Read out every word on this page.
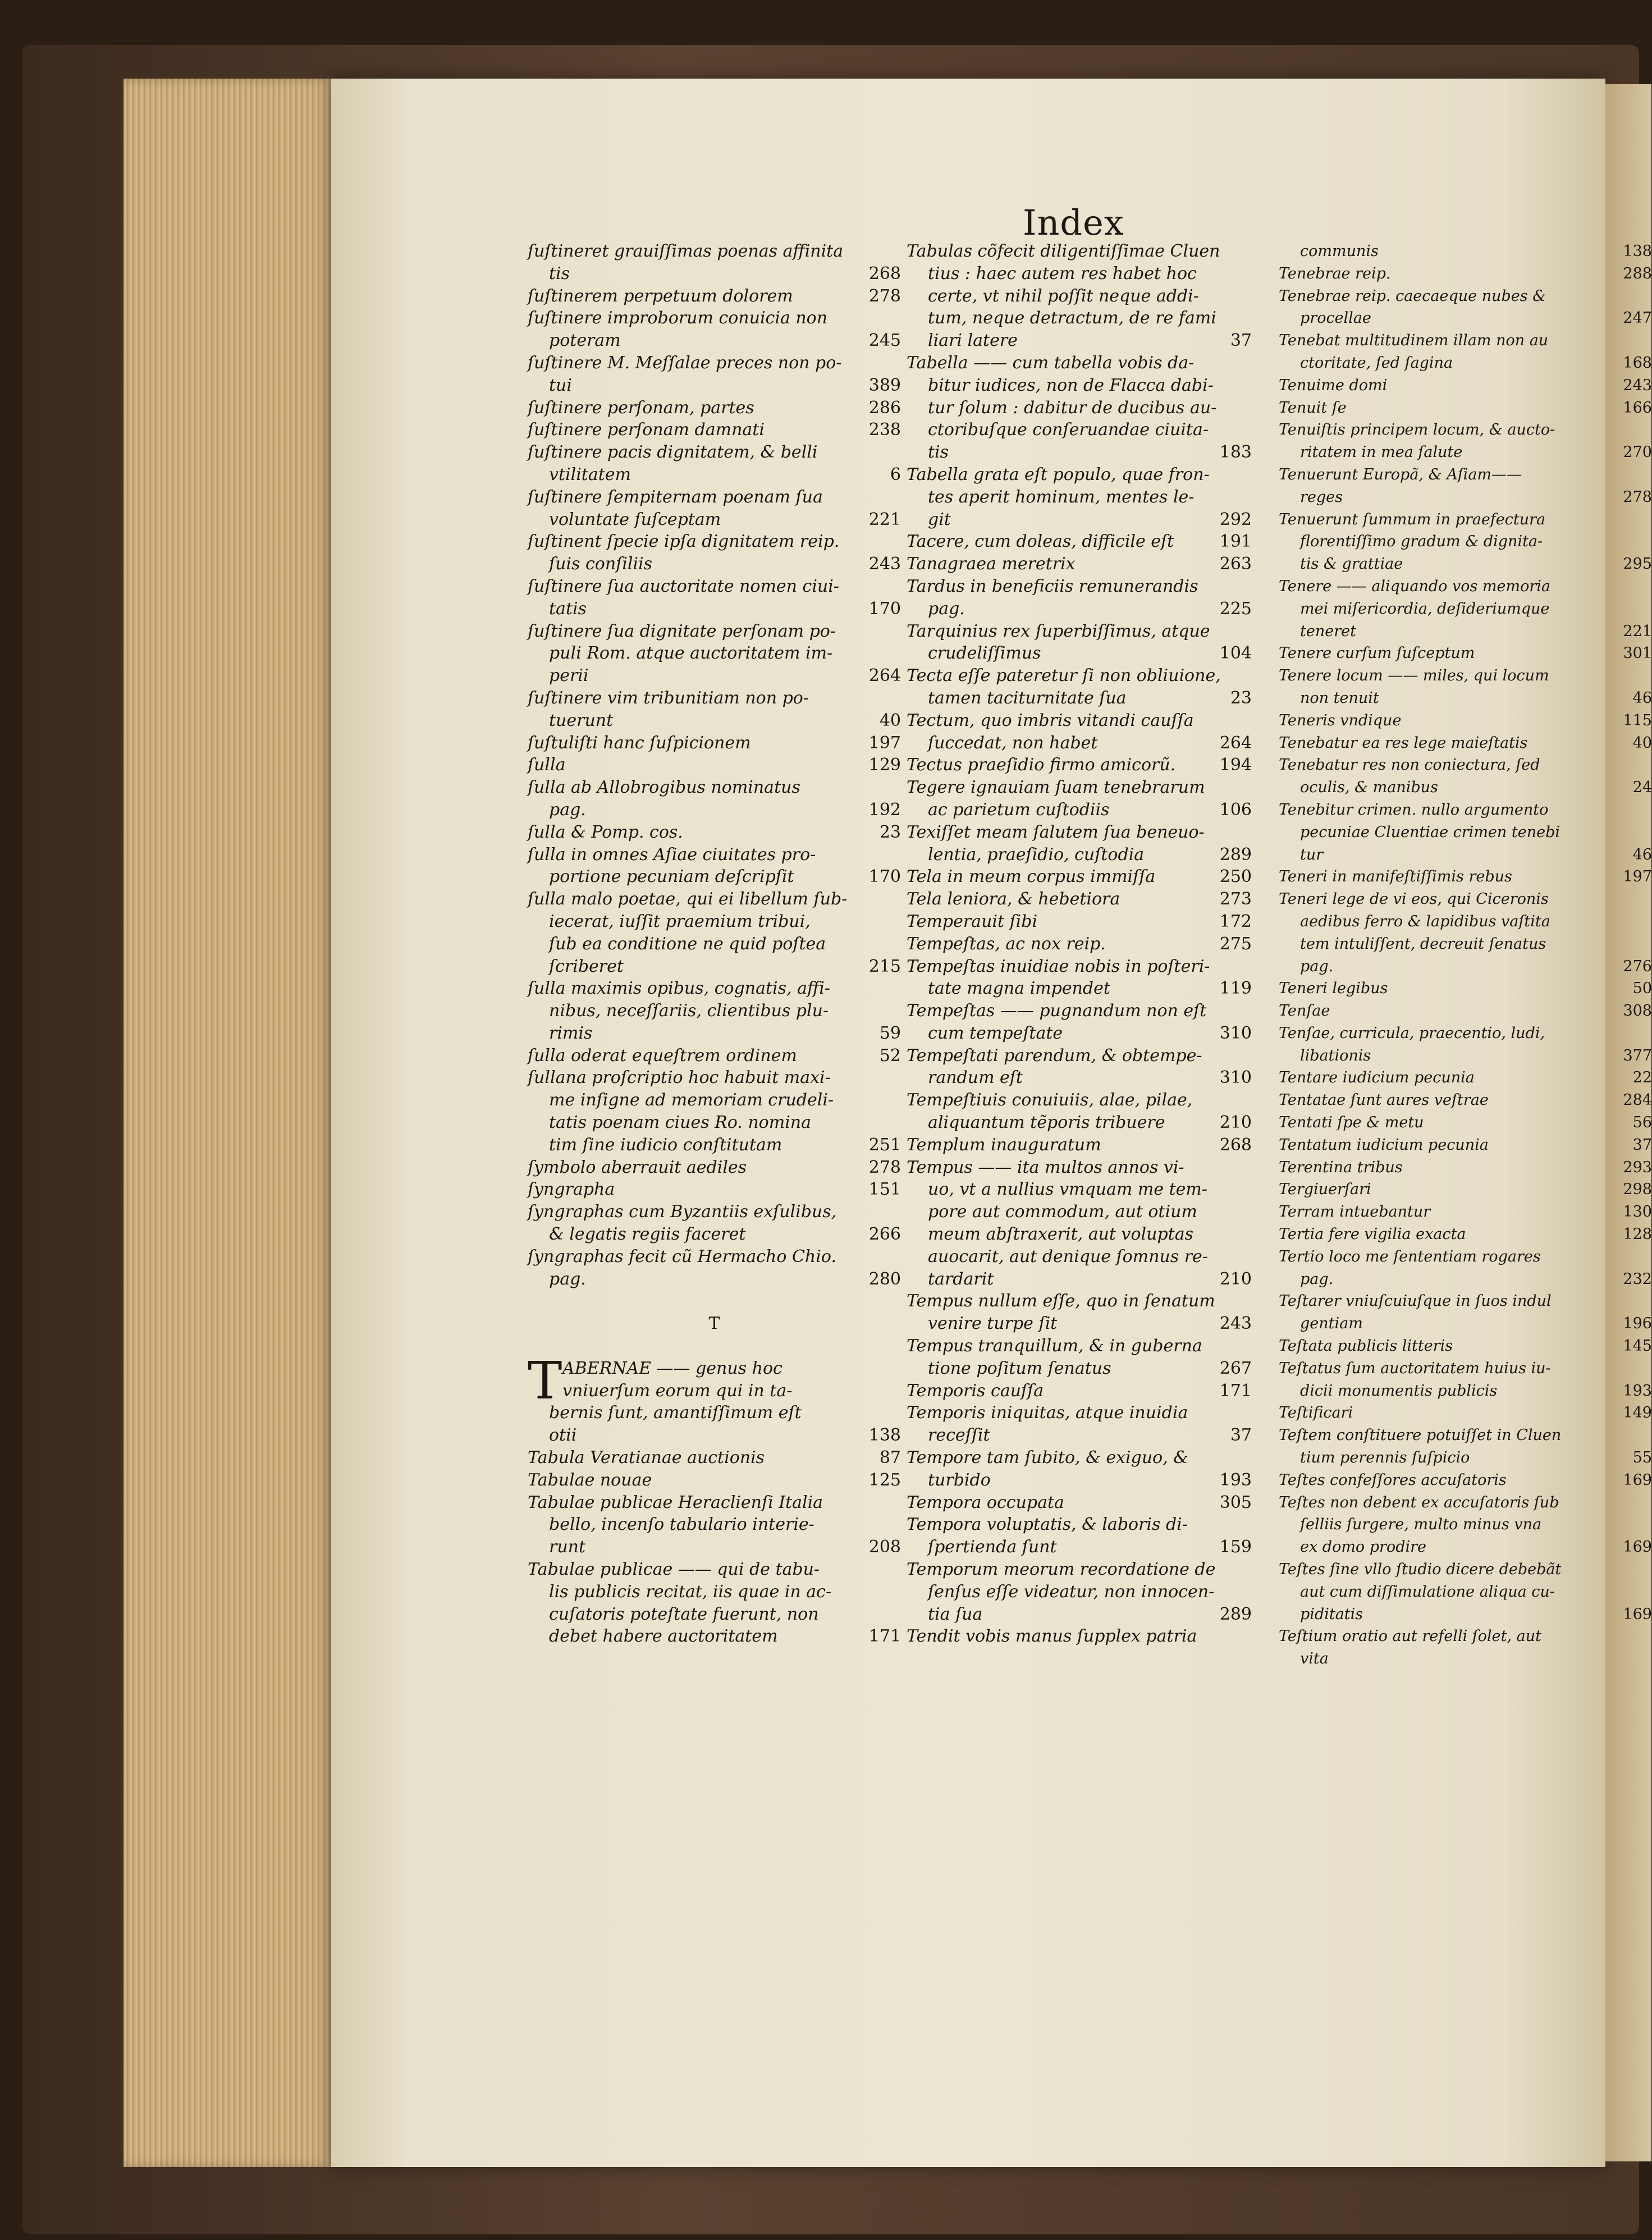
Index
ſuſtineret grauiſſimas poenas affinita
tis	268
ſuſtinerem perpetuum dolorem	278
ſuſtinere improborum conuicia non
poteram	245
ſuſtinere M. Meſſalae preces non po-
tui	389
ſuſtinere perſonam, partes	286
ſuſtinere perſonam damnati	238
ſuſtinere pacis dignitatem, & belli
vtilitatem	6
ſuſtinere ſempiternam poenam ſua
voluntate ſuſceptam	221
ſuſtinent ſpecie ipſa dignitatem reip.
ſuis conſiliis	243
ſuſtinere ſua auctoritate nomen ciui-
tatis	170
ſuſtinere ſua dignitate perſonam po-
puli Rom. atque auctoritatem im-
perii	264
ſuſtinere vim tribunitiam non po-
tuerunt	40
ſuſtuliſti hanc ſuſpicionem	197
ſulla	129
ſulla ab Allobrogibus nominatus
pag.	192
ſulla & Pomp. cos.	23
ſulla in omnes Aſiae ciuitates pro-
portione pecuniam deſcripſit	170
ſulla malo poetae, qui ei libellum ſub-
iecerat, iuſſit praemium tribui,
ſub ea conditione ne quid poſtea
ſcriberet	215
ſulla maximis opibus, cognatis, affi-
nibus, neceſſariis, clientibus plu-
rimis	59
ſulla oderat equeſtrem ordinem	52
ſullana proſcriptio hoc habuit maxi-
me inſigne ad memoriam crudeli-
tatis poenam ciues Ro. nomina
tim ſine iudicio conſtitutam	251
ſymbolo aberrauit aediles	278
ſyngrapha	151
ſyngraphas cum Byzantiis exſulibus,
& legatis regiis faceret	266
ſyngraphas fecit cũ Hermacho Chio.
pag.	280
T
T ABERNAE —— genus hoc
vniuerſum eorum qui in ta-
bernis ſunt, amantiſſimum eſt
otii	138
Tabula Veratianae auctionis	87
Tabulae nouae	125
Tabulae publicae Heraclienſi Italia
bello, incenſo tabulario interie-
runt	208
Tabulae publicae —— qui de tabu-
lis publicis recitat, iis quae in ac-
cuſatoris poteſtate fuerunt, non
debet habere auctoritatem	171
Tabulas cõfecit diligentiſſimae Cluen
tius : haec autem res habet hoc
certe, vt nihil poſſit neque addi-
tum, neque detractum, de re fami
liari latere	37
Tabella —— cum tabella vobis da-
bitur iudices, non de Flacca dabi-
tur ſolum : dabitur de ducibus au-
ctoribuſque conſeruandae ciuita-
tis	183
Tabella grata eſt populo, quae fron-
tes aperit hominum, mentes le-
git	292
Tacere, cum doleas, difficile eſt	191
Tanagraea meretrix	263
Tardus in beneficiis remunerandis
pag.	225
Tarquinius rex ſuperbiſſimus, atque
crudeliſſimus	104
Tecta eſſe pateretur ſi non obliuione,
tamen taciturnitate ſua	23
Tectum, quo imbris vitandi cauſſa
ſuccedat, non habet	264
Tectus praeſidio firmo amicorũ.	194
Tegere ignauiam ſuam tenebrarum
ac parietum cuſtodiis	106
Texiſſet meam ſalutem ſua beneuo-
lentia, praeſidio, cuſtodia	289
Tela in meum corpus immiſſa	250
Tela leniora, & hebetiora	273
Temperauit ſibi	172
Tempeſtas, ac nox reip.	275
Tempeſtas inuidiae nobis in poſteri-
tate magna impendet	119
Tempeſtas —— pugnandum non eſt
cum tempeſtate	310
Tempeſtati parendum, & obtempe-
randum eſt	310
Tempeſtiuis conuiuiis, alae, pilae,
aliquantum tẽporis tribuere	210
Templum inauguratum	268
Tempus —— ita multos annos vi-
uo, vt a nullius vmquam me tem-
pore aut commodum, aut otium
meum abſtraxerit, aut voluptas
auocarit, aut denique ſomnus re-
tardarit	210
Tempus nullum eſſe, quo in ſenatum
venire turpe ſit	243
Tempus tranquillum, & in guberna
tione poſitum ſenatus	267
Temporis cauſſa	171
Temporis iniquitas, atque inuidia
receſſit	37
Tempore tam ſubito, & exiguo, &
turbido	193
Tempora occupata	305
Tempora voluptatis, & laboris di-
ſpertienda ſunt	159
Temporum meorum recordatione de
ſenſus eſſe videatur, non innocen-
tia ſua	289
Tendit vobis manus ſupplex patria
communis	138
Tenebrae reip.	288
Tenebrae reip. caecaeque nubes &
procellae	247
Tenebat multitudinem illam non au
ctoritate, ſed ſagina	168
Tenuime domi	243
Tenuit ſe	166
Tenuiſtis principem locum, & aucto-
ritatem in mea ſalute	270
Tenuerunt Europã, & Aſiam——
reges	278
Tenuerunt ſummum in praefectura
florentiſſimo gradum & dignita-
tis & grattiae	295
Tenere —— aliquando vos memoria
mei miſericordia, deſideriumque
teneret	221
Tenere curſum ſuſceptum	301
Tenere locum —— miles, qui locum
non tenuit	46
Teneris vndique	115
Tenebatur ea res lege maieſtatis	40
Tenebatur res non coniectura, ſed
oculis, & manibus	24
Tenebitur crimen. nullo argumento
pecuniae Cluentiae crimen tenebi
tur	46
Teneri in manifeſtiſſimis rebus	197
Teneri lege de vi eos, qui Ciceronis
aedibus ferro & lapidibus vaſtita
tem intuliſſent, decreuit ſenatus
pag.	276
Teneri legibus	50
Tenſae	308
Tenſae, curricula, praecentio, ludi,
libationis	377
Tentare iudicium pecunia	22
Tentatae ſunt aures veſtrae	284
Tentati ſpe & metu	56
Tentatum iudicium pecunia	37
Terentina tribus	293
Tergiuerſari	298
Terram intuebantur	130
Tertia fere vigilia exacta	128
Tertio loco me ſententiam rogares
pag.	232
Teſtarer vniuſcuiuſque in ſuos indul
gentiam	196
Teſtata publicis litteris	145
Teſtatus ſum auctoritatem huius iu-
dicii monumentis publicis	193
Teſtificari	149
Teſtem conſtituere potuiſſet in Cluen
tium perennis ſuſpicio	55
Teſtes confeſſores accuſatoris	169
Teſtes non debent ex accuſatoris ſub
ſelliis ſurgere, multo minus vna
ex domo prodire	169
Teſtes ſine vllo ſtudio dicere debebãt
aut cum diſſimulatione aliqua cu-
piditatis	169
Teſtium oratio aut refelli ſolet, aut
vita
